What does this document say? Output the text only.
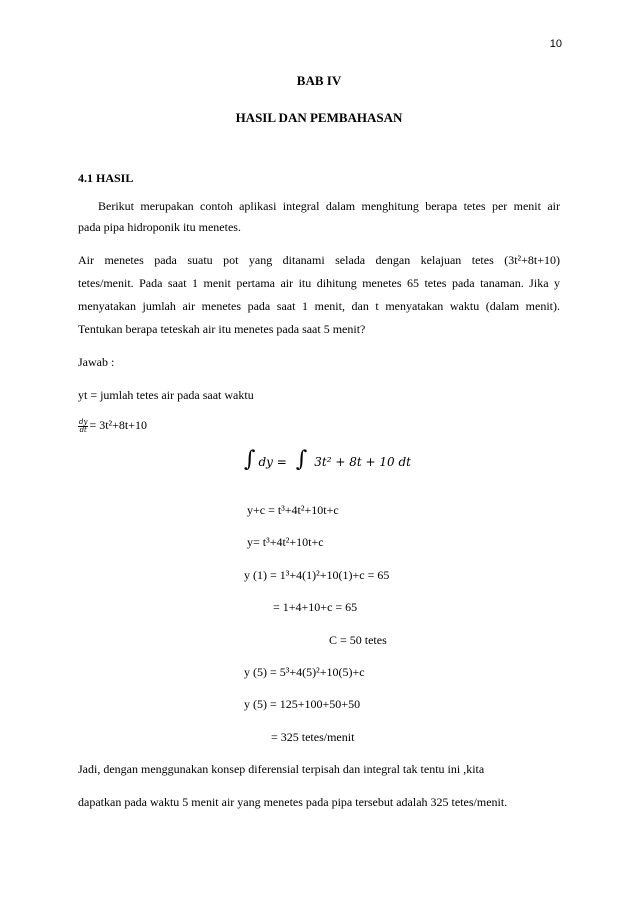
10
BAB IV
HASIL DAN PEMBAHASAN
4.1 HASIL
Berikut merupakan contoh aplikasi integral dalam menghitung berapa tetes per menit air
pada pipa hidroponik itu menetes.
Air menetes pada suatu pot yang ditanami selada dengan kelajuan tetes (3t²+8t+10)
tetes/menit. Pada saat 1 menit pertama air itu dihitung menetes 65 tetes pada tanaman. Jika y
menyatakan jumlah air menetes pada saat 1 menit, dan t menyatakan waktu (dalam menit).
Tentukan berapa teteskah air itu menetes pada saat 5 menit?
Jawab :
yt = jumlah tetes air pada saat waktu
$\frac{dy}{dt} = 3t^2+8t+10$
∫ dy = ∫ 3t² + 8t + 10 dt
y+c = t³+4t²+10t+c
y= t³+4t²+10t+c
y (1) = 1³+4(1)²+10(1)+c = 65
= 1+4+10+c = 65
C = 50 tetes
y (5) = 5³+4(5)²+10(5)+c
y (5) = 125+100+50+50
= 325 tetes/menit
Jadi, dengan menggunakan konsep diferensial terpisah dan integral tak tentu ini ,kita
dapatkan pada waktu 5 menit air yang menetes pada pipa tersebut adalah 325 tetes/menit.
